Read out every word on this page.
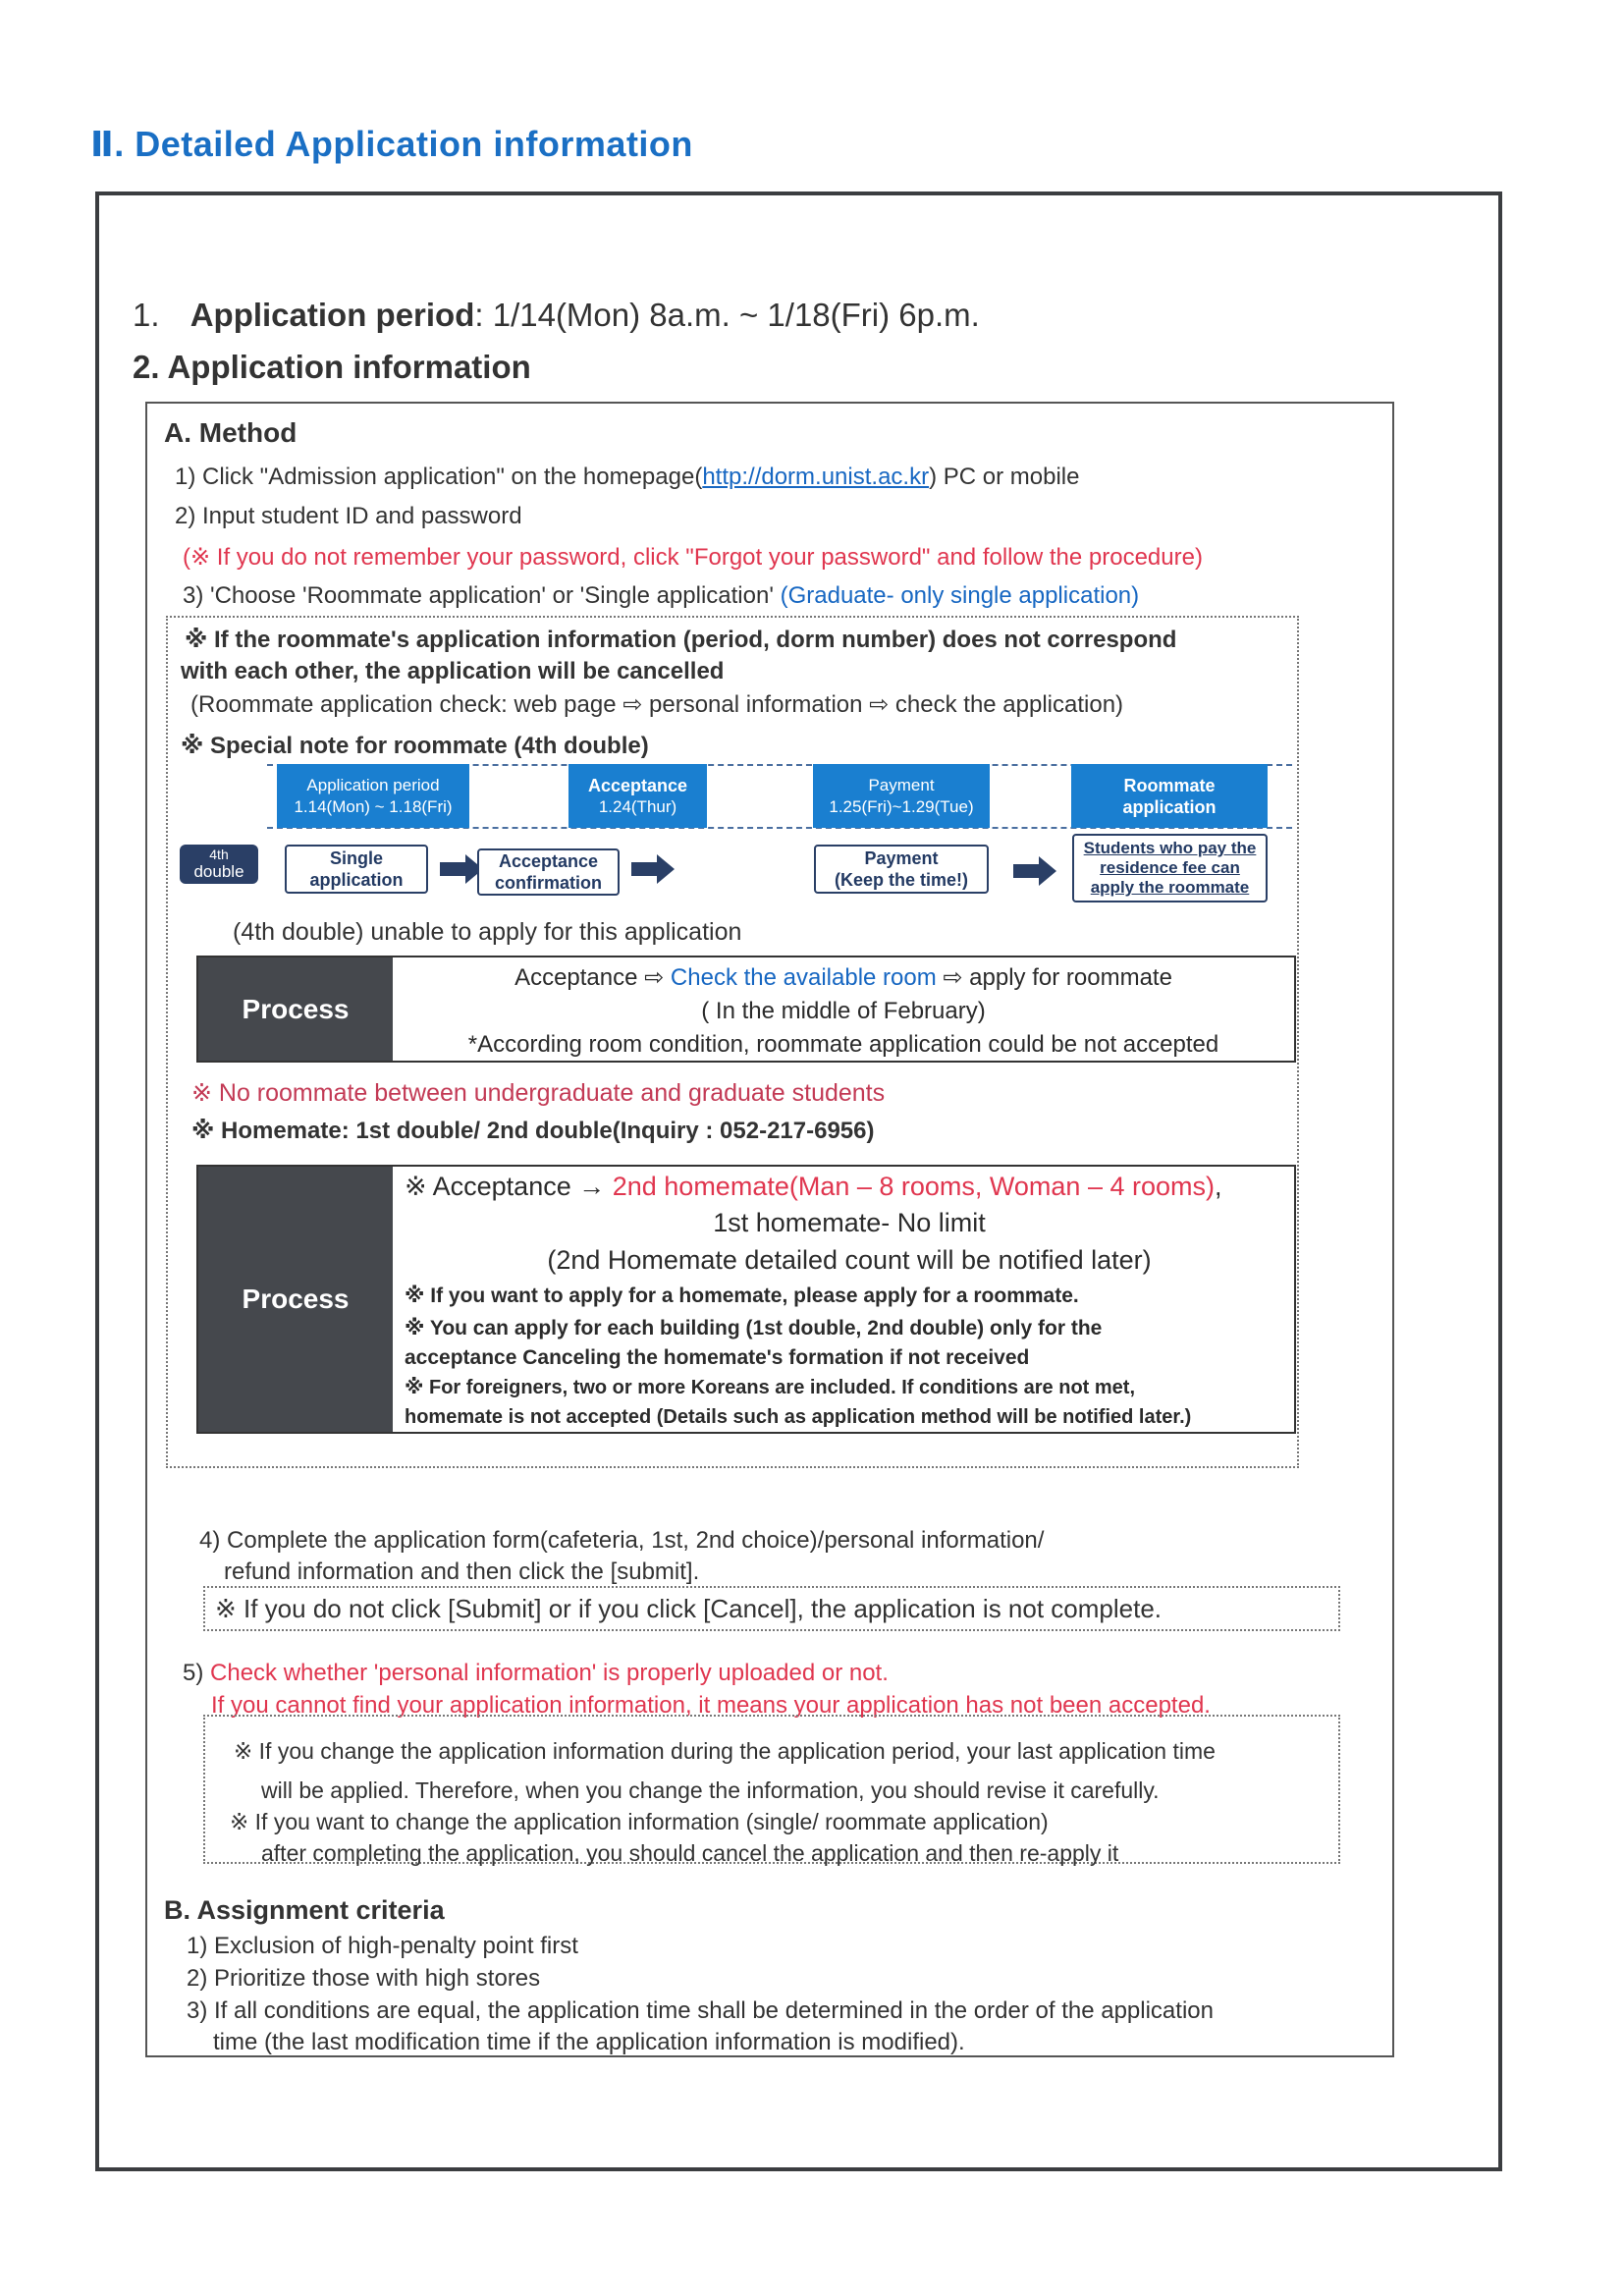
Ⅱ. Detailed Application information
1. Application period: 1/14(Mon) 8a.m. ~ 1/18(Fri) 6p.m.
2. Application information
A. Method
1) Click "Admission application" on the homepage(http://dorm.unist.ac.kr) PC or mobile
2) Input student ID and password
(※ If you do not remember your password, click "Forgot your password" and follow the procedure)
3) 'Choose 'Roommate application' or 'Single application' (Graduate- only single application)
※ If the roommate's application information (period, dorm number) does not correspond
with each other, the application will be cancelled
(Roommate application check: web page ⇨ personal information ⇨ check the application)
※ Special note for roommate (4th double)
Application period
1.14(Mon) ~ 1.18(Fri)
Acceptance
1.24(Thur)
Payment
1.25(Fri)~1.29(Tue)
Roommate
application
4th
double
Single
application
Acceptance
confirmation
Payment
(Keep the time!)
Students who pay the
residence fee can
apply the roommate
(4th double) unable to apply for this application
Process
Acceptance ⇨ Check the available room ⇨ apply for roommate
( In the middle of February)
*According room condition, roommate application could be not accepted
※ No roommate between undergraduate and graduate students
※ Homemate: 1st double/ 2nd double(Inquiry : 052-217-6956)
Process
※ Acceptance → 2nd homemate(Man – 8 rooms, Woman – 4 rooms),
1st homemate- No limit
(2nd Homemate detailed count will be notified later)
※ If you want to apply for a homemate, please apply for a roommate.
※ You can apply for each building (1st double, 2nd double) only for the
acceptance Canceling the homemate's formation if not received
※ For foreigners, two or more Koreans are included. If conditions are not met,
homemate is not accepted (Details such as application method will be notified later.)
4) Complete the application form(cafeteria, 1st, 2nd choice)/personal information/
refund information and then click the [submit].
※ If you do not click [Submit] or if you click [Cancel], the application is not complete.
5) Check whether 'personal information' is properly uploaded or not.
If you cannot find your application information, it means your application has not been accepted.
※ If you change the application information during the application period, your last application time
will be applied. Therefore, when you change the information, you should revise it carefully.
※ If you want to change the application information (single/ roommate application)
after completing the application, you should cancel the application and then re-apply it
B. Assignment criteria
1) Exclusion of high-penalty point first
2) Prioritize those with high stores
3) If all conditions are equal, the application time shall be determined in the order of the application
time (the last modification time if the application information is modified).
